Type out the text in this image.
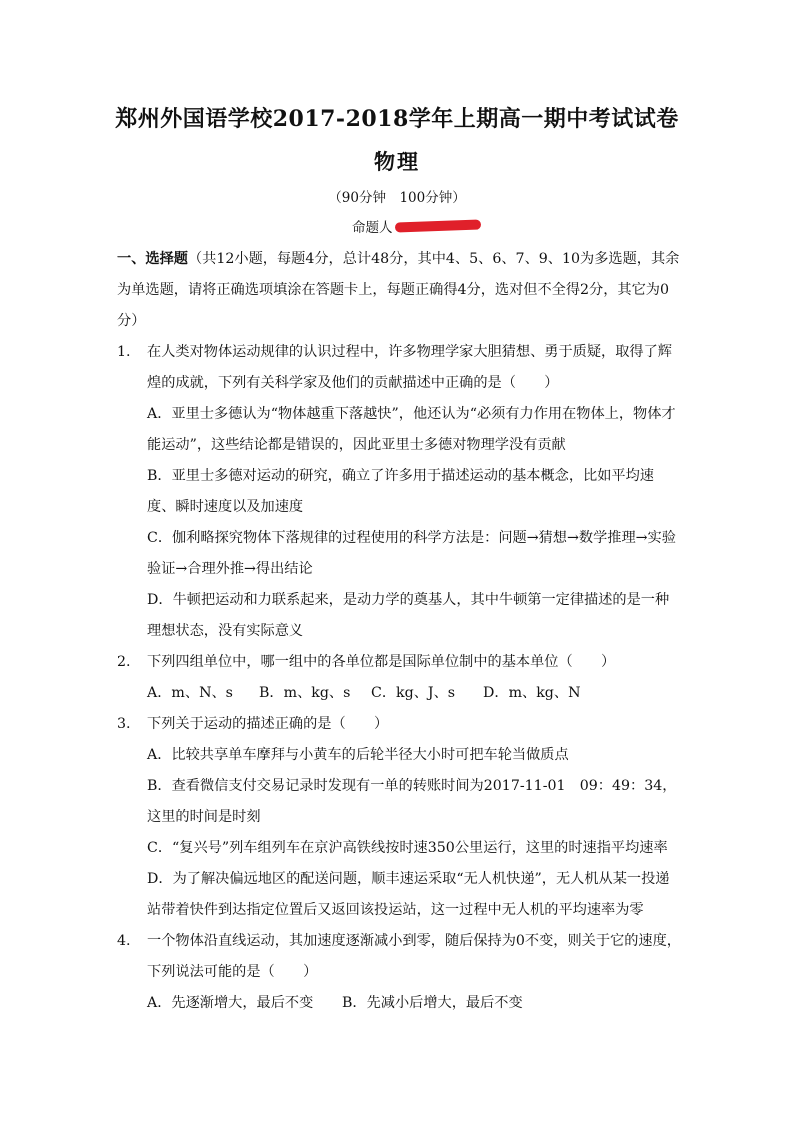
郑州外国语学校2017-2018学年上期高一期中考试试卷
物理
（90分钟　100分钟）
命题人

一、选择题（共12小题，每题4分，总计48分，其中4、5、6、7、9、10为多选题，其余为单选题，请将正确选项填涂在答题卡上，每题正确得4分，选对但不全得2分，其它为0分）

1.	在人类对物体运动规律的认识过程中，许多物理学家大胆猜想、勇于质疑，取得了辉煌的成就，下列有关科学家及他们的贡献描述中正确的是（　　）

A．亚里士多德认为“物体越重下落越快”，他还认为“必须有力作用在物体上，物体才能运动”，这些结论都是错误的，因此亚里士多德对物理学没有贡献

B．亚里士多德对运动的研究，确立了许多用于描述运动的基本概念，比如平均速度、瞬时速度以及加速度

C．伽利略探究物体下落规律的过程使用的科学方法是：问题→猜想→数学推理→实验验证→合理外推→得出结论

D．牛顿把运动和力联系起来，是动力学的奠基人，其中牛顿第一定律描述的是一种理想状态，没有实际意义

2.	下列四组单位中，哪一组中的各单位都是国际单位制中的基本单位（　　）
A．m、N、s	B．m、kg、s	C．kg、J、s	D．m、kg、N
3.	下列关于运动的描述正确的是（　　）

A．比较共享单车摩拜与小黄车的后轮半径大小时可把车轮当做质点

B．查看微信支付交易记录时发现有一单的转账时间为2017-11-01　09：49：34，这里的时间是时刻

C．“复兴号”列车组列车在京沪高铁线按时速350公里运行，这里的时速指平均速率

D．为了解决偏远地区的配送问题，顺丰速运采取“无人机快递”，无人机从某一投递站带着快件到达指定位置后又返回该投运站，这一过程中无人机的平均速率为零

4.	一个物体沿直线运动，其加速度逐渐减小到零，随后保持为0不变，则关于它的速度，下列说法可能的是（　　）
A．先逐渐增大，最后不变	B．先减小后增大，最后不变
